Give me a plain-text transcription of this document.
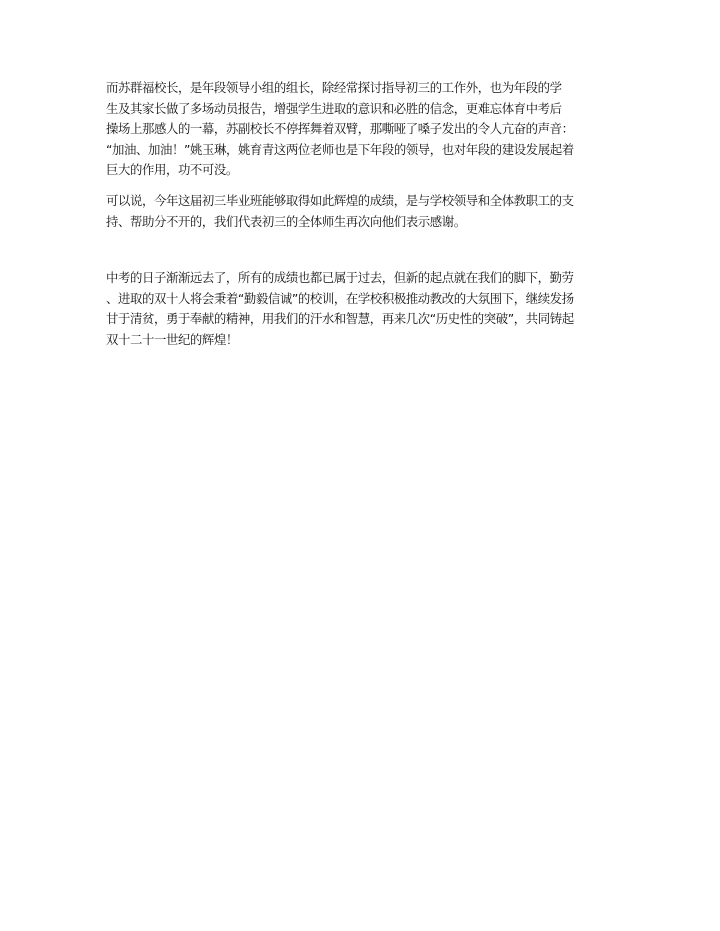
而苏群福校长，是年段领导小组的组长，除经常探讨指导初三的工作外，也为年段的学
生及其家长做了多场动员报告，增强学生进取的意识和必胜的信念，更难忘体育中考后
操场上那感人的一幕，苏副校长不停挥舞着双臂，那嘶哑了嗓子发出的令人亢奋的声音：
“加油、加油！”姚玉琳，姚育青这两位老师也是下年段的领导，也对年段的建设发展起着
巨大的作用，功不可没。

可以说，今年这届初三毕业班能够取得如此辉煌的成绩，是与学校领导和全体教职工的支
持、帮助分不开的，我们代表初三的全体师生再次向他们表示感谢。

中考的日子渐渐远去了，所有的成绩也都已属于过去，但新的起点就在我们的脚下，勤劳
、进取的双十人将会秉着“勤毅信诚”的校训，在学校积极推动教改的大氛围下，继续发扬
甘于清贫，勇于奉献的精神，用我们的汗水和智慧，再来几次“历史性的突破”，共同铸起
双十二十一世纪的辉煌！
